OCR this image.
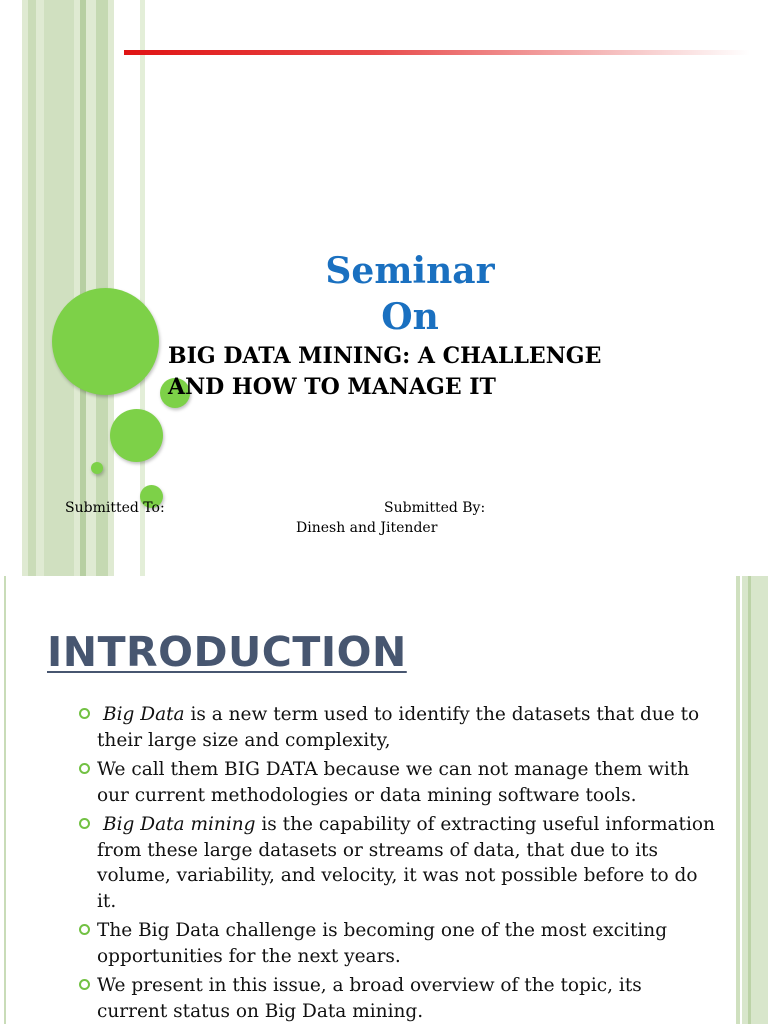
Seminar
On
BIG DATA MINING: A CHALLENGE
AND HOW TO MANAGE IT
Submitted To:	Submitted By:
Dinesh and Jitender
INTRODUCTION
Big Data is a new term used to identify the datasets that due to their large size and complexity,
We call them BIG DATA because we can not manage them with our current methodologies or data mining software tools.
Big Data mining is the capability of extracting useful information from these large datasets or streams of data, that due to its volume, variability, and velocity, it was not possible before to do it.
The Big Data challenge is becoming one of the most exciting opportunities for the next years.
We present in this issue, a broad overview of the topic, its current status on Big Data mining.
